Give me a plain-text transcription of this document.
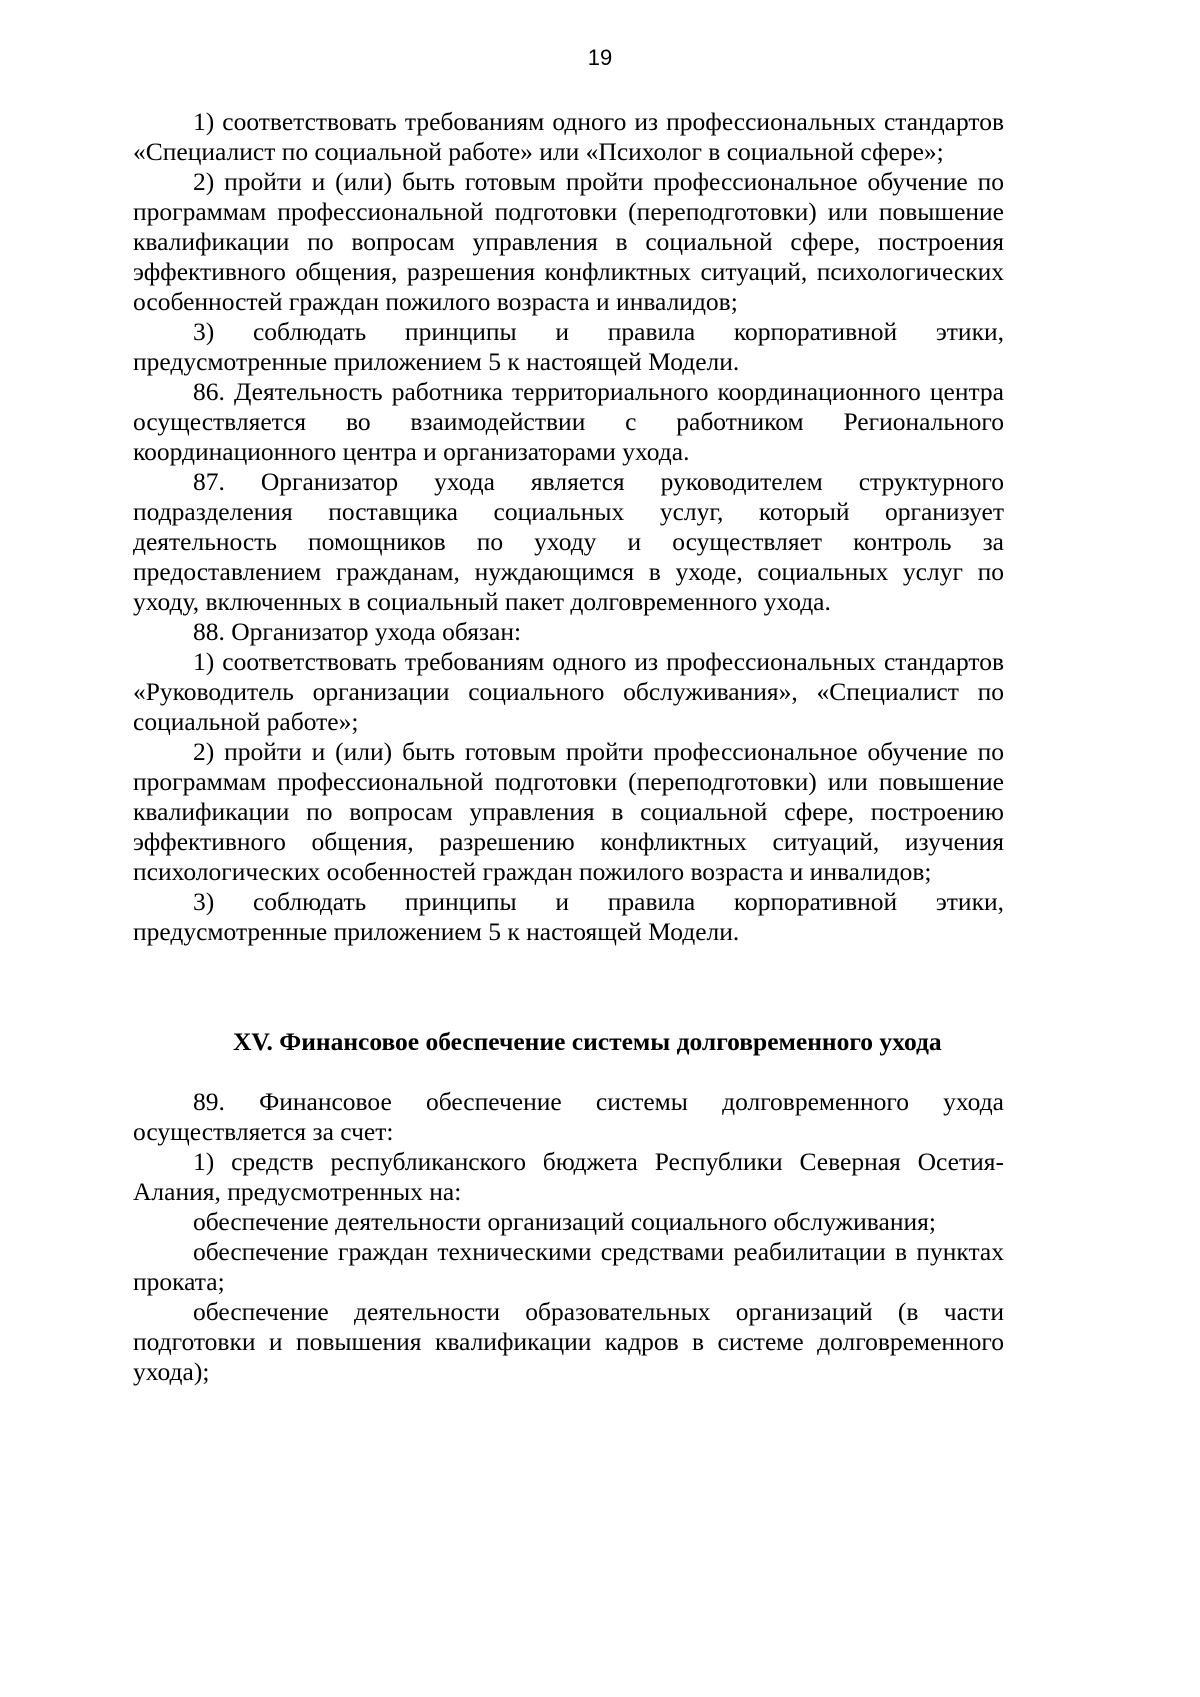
19

1) соответствовать требованиям одного из профессиональных стандартов «Специалист по социальной работе» или «Психолог в социальной сфере»;

2) пройти и (или) быть готовым пройти профессиональное обучение по программам профессиональной подготовки (переподготовки) или повышение квалификации по вопросам управления в социальной сфере, построения эффективного общения, разрешения конфликтных ситуаций, психологических особенностей граждан пожилого возраста и инвалидов;

3) соблюдать принципы и правила корпоративной этики, предусмотренные приложением 5 к настоящей Модели.

86. Деятельность работника территориального координационного центра осуществляется во взаимодействии с работником Регионального координационного центра и организаторами ухода.

87. Организатор ухода является руководителем структурного подразделения поставщика социальных услуг, который организует деятельность помощников по уходу и осуществляет контроль за предоставлением гражданам, нуждающимся в уходе, социальных услуг по уходу, включенных в социальный пакет долговременного ухода.

88. Организатор ухода обязан:

1) соответствовать требованиям одного из профессиональных стандартов «Руководитель организации социального обслуживания», «Специалист по социальной работе»;

2) пройти и (или) быть готовым пройти профессиональное обучение по программам профессиональной подготовки (переподготовки) или повышение квалификации по вопросам управления в социальной сфере, построению эффективного общения, разрешению конфликтных ситуаций, изучения психологических особенностей граждан пожилого возраста и инвалидов;

3) соблюдать принципы и правила корпоративной этики, предусмотренные приложением 5 к настоящей Модели.

XV. Финансовое обеспечение системы долговременного ухода

89. Финансовое обеспечение системы долговременного ухода осуществляется за счет:

1) средств республиканского бюджета Республики Северная Осетия-Алания, предусмотренных на:

обеспечение деятельности организаций социального обслуживания;

обеспечение граждан техническими средствами реабилитации в пунктах проката;

обеспечение деятельности образовательных организаций (в части подготовки и повышения квалификации кадров в системе долговременного ухода);
